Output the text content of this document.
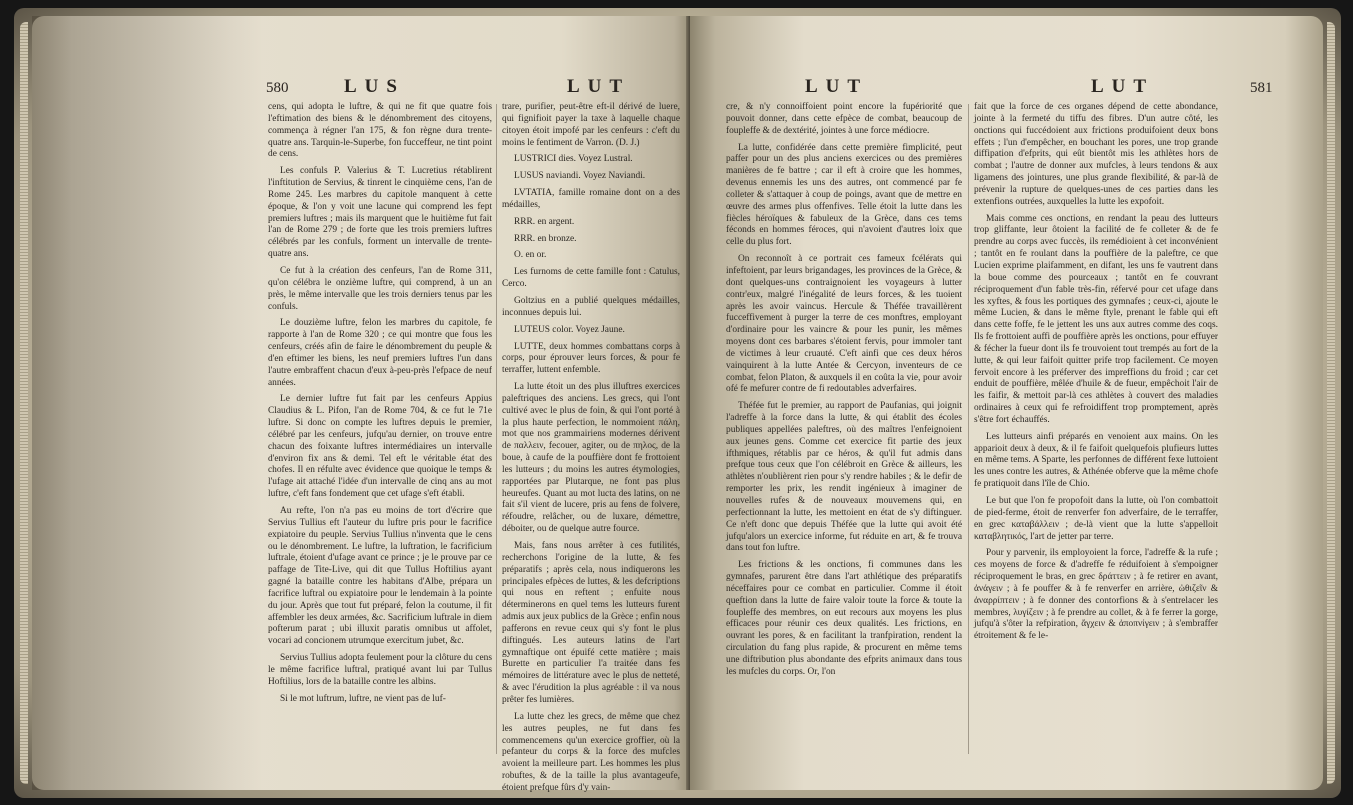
580	LUS	LUT

cens, qui adopta le luftre, & qui ne fit que quatre fois l'eftimation des biens & le dénombrement des citoyens, commença à régner l'an 175, & fon règne dura trente-quatre ans. Tarquin-le-Superbe, fon fucceffeur, ne tint point de cens.

Les confuls P. Valerius & T. Lucretius rétablirent l'inftitution de Servius, & tinrent le cinquième cens, l'an de Rome 245. Les marbres du capitole manquent à cette époque, & l'on y voit une lacune qui comprend les fept premiers luftres ; mais ils marquent que le huitième fut fait l'an de Rome 279 ; de forte que les trois premiers luftres célébrés par les confuls, forment un intervalle de trente-quatre ans.

Ce fut à la création des cenfeurs, l'an de Rome 311, qu'on célébra le onzième luftre, qui comprend, à un an près, le même intervalle que les trois derniers tenus par les confuls.

Le douzième luftre, felon les marbres du capitole, fe rapporte à l'an de Rome 320 ; ce qui montre que fous les cenfeurs, créés afin de faire le dénombrement du peuple & d'en eftimer les biens, les neuf premiers luftres l'un dans l'autre embraffent chacun d'eux à-peu-près l'efpace de neuf années.

Le dernier luftre fut fait par les cenfeurs Appius Claudius & L. Pifon, l'an de Rome 704, & ce fut le 71e luftre. Si donc on compte les luftres depuis le premier, célébré par les cenfeurs, jufqu'au dernier, on trouve entre chacun des foixante luftres intermédiaires un intervalle d'environ fix ans & demi. Tel eft le véritable état des chofes. Il en réfulte avec évidence que quoique le temps & l'ufage ait attaché l'idée d'un intervalle de cinq ans au mot luftre, c'eft fans fondement que cet ufage s'eft établi.

Au refte, l'on n'a pas eu moins de tort d'écrire que Servius Tullius eft l'auteur du luftre pris pour le facrifice expiatoire du peuple. Servius Tullius n'inventa que le cens ou le dénombrement. Le luftre, la luftration, le facrificium luftrale, étoient d'ufage avant ce prince ; je le prouve par ce paffage de Tite-Live, qui dit que Tullus Hoftilius ayant gagné la bataille contre les habitans d'Albe, prépara un facrifice luftral ou expiatoire pour le lendemain à la pointe du jour. Après que tout fut préparé, felon la coutume, il fit affembler les deux armées, &c. Sacrificium luftrale in diem pofterum parat ; ubi illuxit paratis omnibus ut affolet, vocari ad concionem utrumque exercitum jubet, &c.

Servius Tullius adopta feulement pour la clôture du cens le même facrifice luftral, pratiqué avant lui par Tullus Hoftilius, lors de la bataille contre les albins.

Si le mot luftrum, luftre, ne vient pas de luf-

trare, purifier, peut-être eft-il dérivé de luere, qui fignifioit payer la taxe à laquelle chaque citoyen étoit impofé par les cenfeurs : c'eft du moins le fentiment de Varron. (D. J.)

LUSTRICI dies. Voyez Lustral.

LUSUS naviandi. Voyez Naviandi.

LVTATIA, famille romaine dont on a des médailles,

RRR. en argent.

RRR. en bronze.

O. en or.

Les furnoms de cette famille font : Catulus, Cerco.

Goltzius en a publié quelques médailles, inconnues depuis lui.

LUTEUS color. Voyez Jaune.

LUTTE, deux hommes combattans corps à corps, pour éprouver leurs forces, & pour fe terraffer, luttent enfemble.

La lutte étoit un des plus illuftres exercices paleftriques des anciens. Les grecs, qui l'ont cultivé avec le plus de foin, & qui l'ont porté à la plus haute perfection, le nommoient πάλη, mot que nos grammairiens modernes dérivent de παλλειν, fecouer, agiter, ou de πηλος, de la boue, à caufe de la pouffière dont fe frottoient les lutteurs ; du moins les autres étymologies, rapportées par Plutarque, ne font pas plus heureufes. Quant au mot lucta des latins, on ne fait s'il vient de lucere, pris au fens de folvere, réfoudre, relâcher, ou de luxare, démettre, déboiter, ou de quelque autre fource.

Mais, fans nous arrêter à ces futilités, recherchons l'origine de la lutte, & fes préparatifs ; après cela, nous indiquerons les principales efpèces de luttes, & les defcriptions qui nous en reftent ; enfuite nous déterminerons en quel tems les lutteurs furent admis aux jeux publics de la Grèce ; enfin nous pafferons en revue ceux qui s'y font le plus diftingués. Les auteurs latins de l'art gymnaftique ont épuifé cette matière ; mais Burette en particulier l'a traitée dans fes mémoires de littérature avec le plus de netteté, & avec l'érudition la plus agréable : il va nous prêter fes lumières.

La lutte chez les grecs, de même que chez les autres peuples, ne fut dans fes commencemens qu'un exercice groffier, où la pefanteur du corps & la force des mufcles avoient la meilleure part. Les hommes les plus robuftes, & de la taille la plus avantageufe, étoient prefque fûrs d'y vain-

LUT	LUT	581

cre, & n'y connoiffoient point encore la fupériorité que pouvoit donner, dans cette efpèce de combat, beaucoup de foupleffe & de dextérité, jointes à une force médiocre.

La lutte, confidérée dans cette première fimplicité, peut paffer pour un des plus anciens exercices ou des premières manières de fe battre ; car il eft à croire que les hommes, devenus ennemis les uns des autres, ont commencé par fe colleter & s'attaquer à coup de poings, avant que de mettre en œuvre des armes plus offenfives. Telle étoit la lutte dans les fiècles héroïques & fabuleux de la Grèce, dans ces tems féconds en hommes féroces, qui n'avoient d'autres loix que celle du plus fort.

On reconnoît à ce portrait ces fameux fcélérats qui infeftoient, par leurs brigandages, les provinces de la Grèce, & dont quelques-uns contraignoient les voyageurs à lutter contr'eux, malgré l'inégalité de leurs forces, & les tuoient après les avoir vaincus. Hercule & Théfée travaillèrent fucceffivement à purger la terre de ces monftres, employant d'ordinaire pour les vaincre & pour les punir, les mêmes moyens dont ces barbares s'étoient fervis, pour immoler tant de victimes à leur cruauté. C'eft ainfi que ces deux héros vainquirent à la lutte Antée & Cercyon, inventeurs de ce combat, felon Platon, & auxquels il en coûta la vie, pour avoir ofé fe mefurer contre de fi redoutables adverfaires.

Théfée fut le premier, au rapport de Paufanias, qui joignit l'adreffe à la force dans la lutte, & qui établit des écoles publiques appellées paleftres, où des maîtres l'enfeignoient aux jeunes gens. Comme cet exercice fit partie des jeux ifthmiques, rétablis par ce héros, & qu'il fut admis dans prefque tous ceux que l'on célébroit en Grèce & ailleurs, les athlètes n'oublièrent rien pour s'y rendre habiles ; & le defir de remporter les prix, les rendit ingénieux à imaginer de nouvelles rufes & de nouveaux mouvemens qui, en perfectionnant la lutte, les mettoient en état de s'y diftinguer. Ce n'eft donc que depuis Théfée que la lutte qui avoit été jufqu'alors un exercice informe, fut réduite en art, & fe trouva dans tout fon luftre.

Les frictions & les onctions, fi communes dans les gymnafes, parurent être dans l'art athlétique des préparatifs néceffaires pour ce combat en particulier. Comme il étoit queftion dans la lutte de faire valoir toute la force & toute la foupleffe des membres, on eut recours aux moyens les plus efficaces pour réunir ces deux qualités. Les frictions, en ouvrant les pores, & en facilitant la tranfpiration, rendent la circulation du fang plus rapide, & procurent en même tems une diftribution plus abondante des efprits animaux dans tous les mufcles du corps. Or, l'on

fait que la force de ces organes dépend de cette abondance, jointe à la fermeté du tiffu des fibres. D'un autre côté, les onctions qui fuccédoient aux frictions produifoient deux bons effets ; l'un d'empêcher, en bouchant les pores, une trop grande diffipation d'efprits, qui eût bientôt mis les athlètes hors de combat ; l'autre de donner aux mufcles, à leurs tendons & aux ligamens des jointures, une plus grande flexibilité, & par-là de prévenir la rupture de quelques-unes de ces parties dans les extenfions outrées, auxquelles la lutte les expofoit.

Mais comme ces onctions, en rendant la peau des lutteurs trop gliffante, leur ôtoient la facilité de fe colleter & de fe prendre au corps avec fuccès, ils remédioient à cet inconvénient ; tantôt en fe roulant dans la pouffière de la paleftre, ce que Lucien exprime plaifamment, en difant, les uns fe vautrent dans la boue comme des pourceaux ; tantôt en fe couvrant réciproquement d'un fable très-fin, réfervé pour cet ufage dans les xyftes, & fous les portiques des gymnafes ; ceux-ci, ajoute le même Lucien, & dans le même ftyle, prenant le fable qui eft dans cette foffe, fe le jettent les uns aux autres comme des coqs. Ils fe frottoient auffi de pouffière après les onctions, pour effuyer & fécher la fueur dont ils fe trouvoient tout trempés au fort de la lutte, & qui leur faifoit quitter prife trop facilement. Ce moyen fervoit encore à les préferver des impreffions du froid ; car cet enduit de pouffière, mêlée d'huile & de fueur, empêchoit l'air de les faifir, & mettoit par-là ces athlètes à couvert des maladies ordinaires à ceux qui fe refroidiffent trop promptement, après s'être fort échauffés.

Les lutteurs ainfi préparés en venoient aux mains. On les apparioit deux à deux, & il fe faifoit quelquefois plufieurs luttes en même tems. A Sparte, les perfonnes de différent fexe luttoient les unes contre les autres, & Athénée obferve que la même chofe fe pratiquoit dans l'île de Chio.

Le but que l'on fe propofoit dans la lutte, où l'on combattoit de pied-ferme, étoit de renverfer fon adverfaire, de le terraffer, en grec καταβάλλειν ; de-là vient que la lutte s'appelloit καταβλητικός, l'art de jetter par terre.

Pour y parvenir, ils employoient la force, l'adreffe & la rufe ; ces moyens de force & d'adreffe fe réduifoient à s'empoigner réciproquement le bras, en grec δράττειν ; à fe retirer en avant, ἀνάγειν ; à fe pouffer & à fe renverfer en arrière, ὠθιζεῖν & ἀναρρίπτειν ; à fe donner des contorfions & à s'entrelacer les membres, λυγίζειν ; à fe prendre au collet, & à fe ferrer la gorge, jufqu'à s'ôter la refpiration, ἄγχειν & ἀποπνίγειν ; à s'embraffer étroitement & fe le-
